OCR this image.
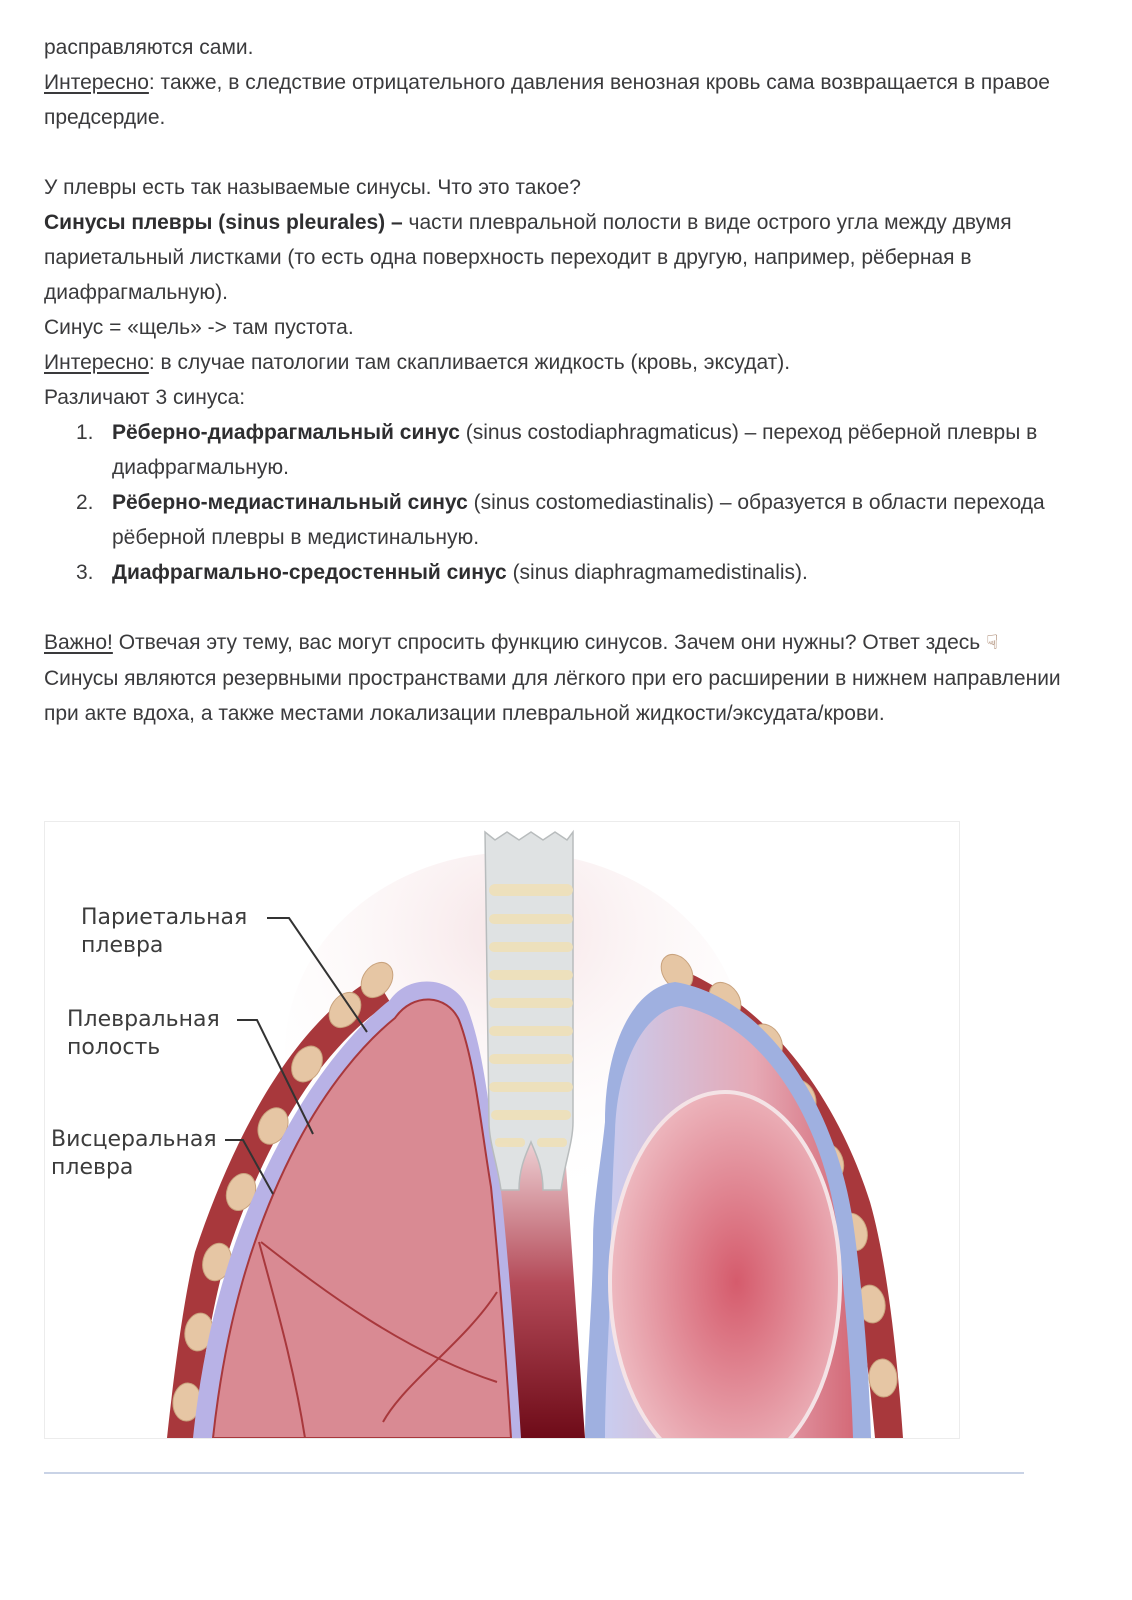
расправляются сами.

Интересно: также, в следствие отрицательного давления венозная кровь сама возвращается в правое предсердие.

У плевры есть так называемые синусы. Что это такое?

Синусы плевры (sinus pleurales) – части плевральной полости в виде острого угла между двумя париетальный листками (то есть одна поверхность переходит в другую, например, рёберная в диафрагмальную).

Синус = «щель» -> там пустота.

Интересно: в случае патологии там скапливается жидкость (кровь, эксудат).

Различают 3 синуса:

1. Рёберно-диафрагмальный синус (sinus costodiaphragmaticus) – переход рёберной плевры в диафрагмальную.
2. Рёберно-медиастинальный синус (sinus costomediastinalis) – образуется в области перехода рёберной плевры в медистинальную.
3. Диафрагмально-средостенный синус (sinus diaphragmamedistinalis).

Важно! Отвечая эту тему, вас могут спросить функцию синусов. Зачем они нужны? Ответ здесь ☟

Синусы являются резервными пространствами для лёгкого при его расширении в нижнем направлении при акте вдоха, а также местами локализации плевральной жидкости/эксудата/крови.

Париетальная
плевра
Плевральная
полость
Висцеральная
плевра
